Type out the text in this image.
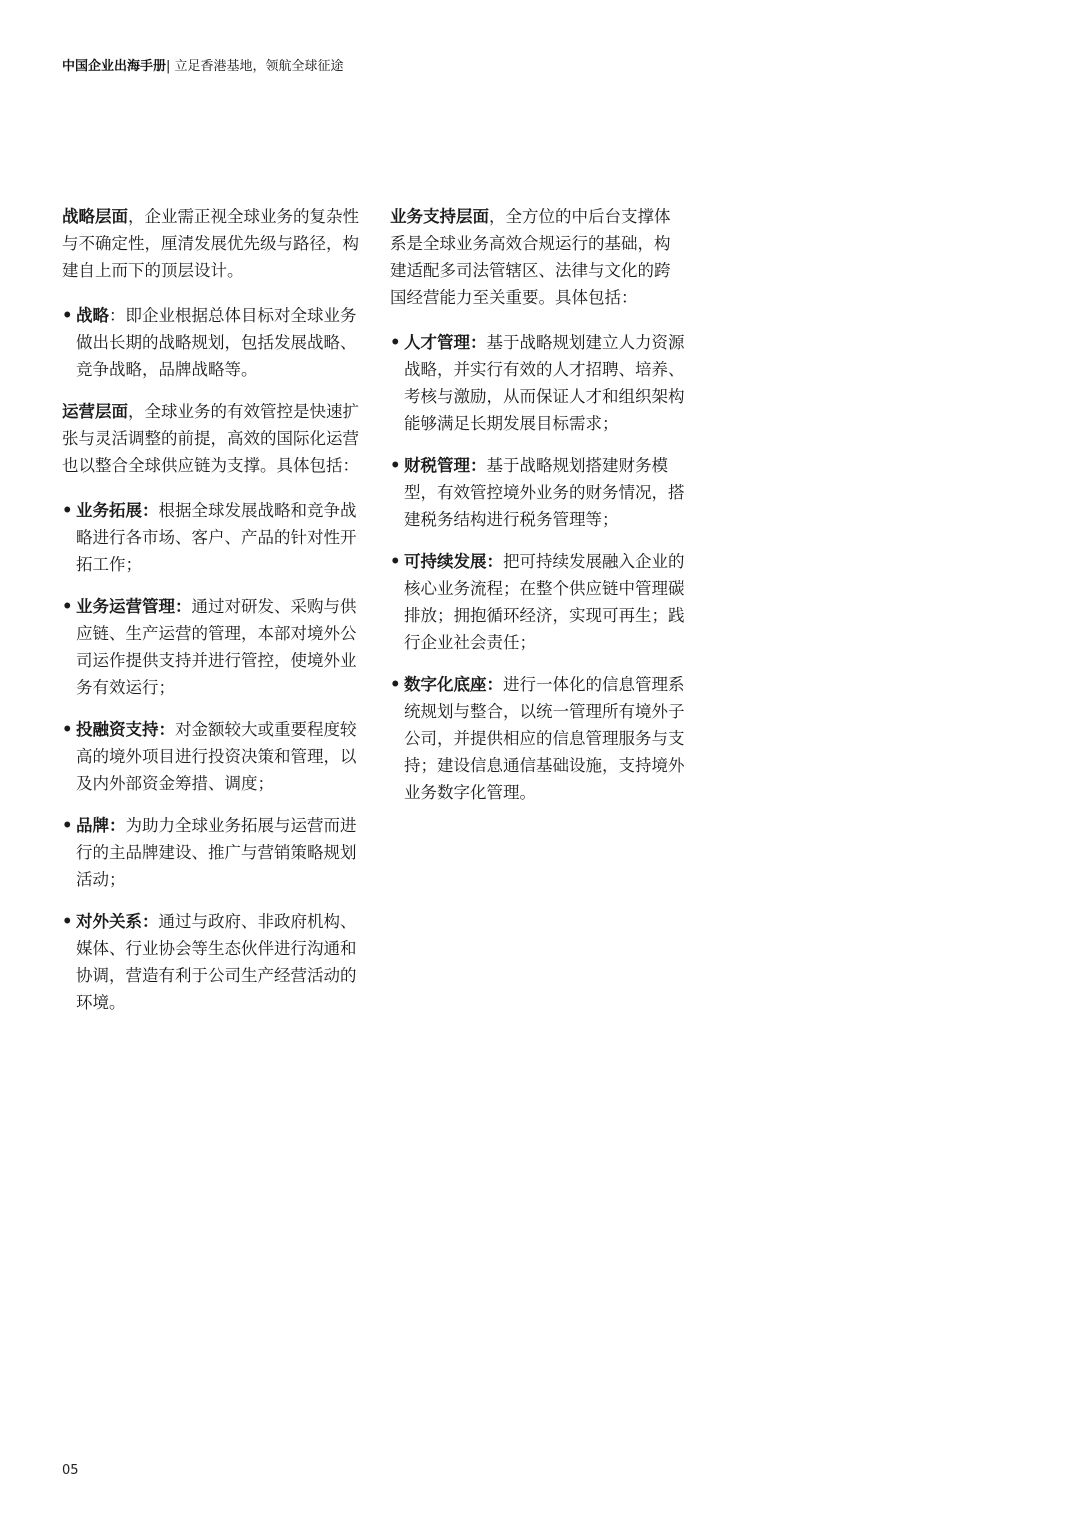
中国企业出海手册| 立足香港基地，领航全球征途

战略层面，企业需正视全球业务的复杂性与不确定性，厘清发展优先级与路径，构建自上而下的顶层设计。

• 战略：即企业根据总体目标对全球业务做出长期的战略规划，包括发展战略、竞争战略，品牌战略等。

运营层面，全球业务的有效管控是快速扩张与灵活调整的前提，高效的国际化运营也以整合全球供应链为支撑。具体包括：

• 业务拓展：根据全球发展战略和竞争战略进行各市场、客户、产品的针对性开拓工作；
• 业务运营管理：通过对研发、采购与供应链、生产运营的管理，本部对境外公司运作提供支持并进行管控，使境外业务有效运行；
• 投融资支持：对金额较大或重要程度较高的境外项目进行投资决策和管理，以及内外部资金筹措、调度；
• 品牌：为助力全球业务拓展与运营而进行的主品牌建设、推广与营销策略规划活动；
• 对外关系：通过与政府、非政府机构、媒体、行业协会等生态伙伴进行沟通和协调，营造有利于公司生产经营活动的环境。

业务支持层面，全方位的中后台支撑体系是全球业务高效合规运行的基础，构建适配多司法管辖区、法律与文化的跨国经营能力至关重要。具体包括：

• 人才管理：基于战略规划建立人力资源战略，并实行有效的人才招聘、培养、考核与激励，从而保证人才和组织架构能够满足长期发展目标需求；
• 财税管理：基于战略规划搭建财务模型，有效管控境外业务的财务情况，搭建税务结构进行税务管理等；
• 可持续发展：把可持续发展融入企业的核心业务流程；在整个供应链中管理碳排放；拥抱循环经济，实现可再生；践行企业社会责任；
• 数字化底座：进行一体化的信息管理系统规划与整合，以统一管理所有境外子公司，并提供相应的信息管理服务与支持；建设信息通信基础设施，支持境外业务数字化管理。
05
